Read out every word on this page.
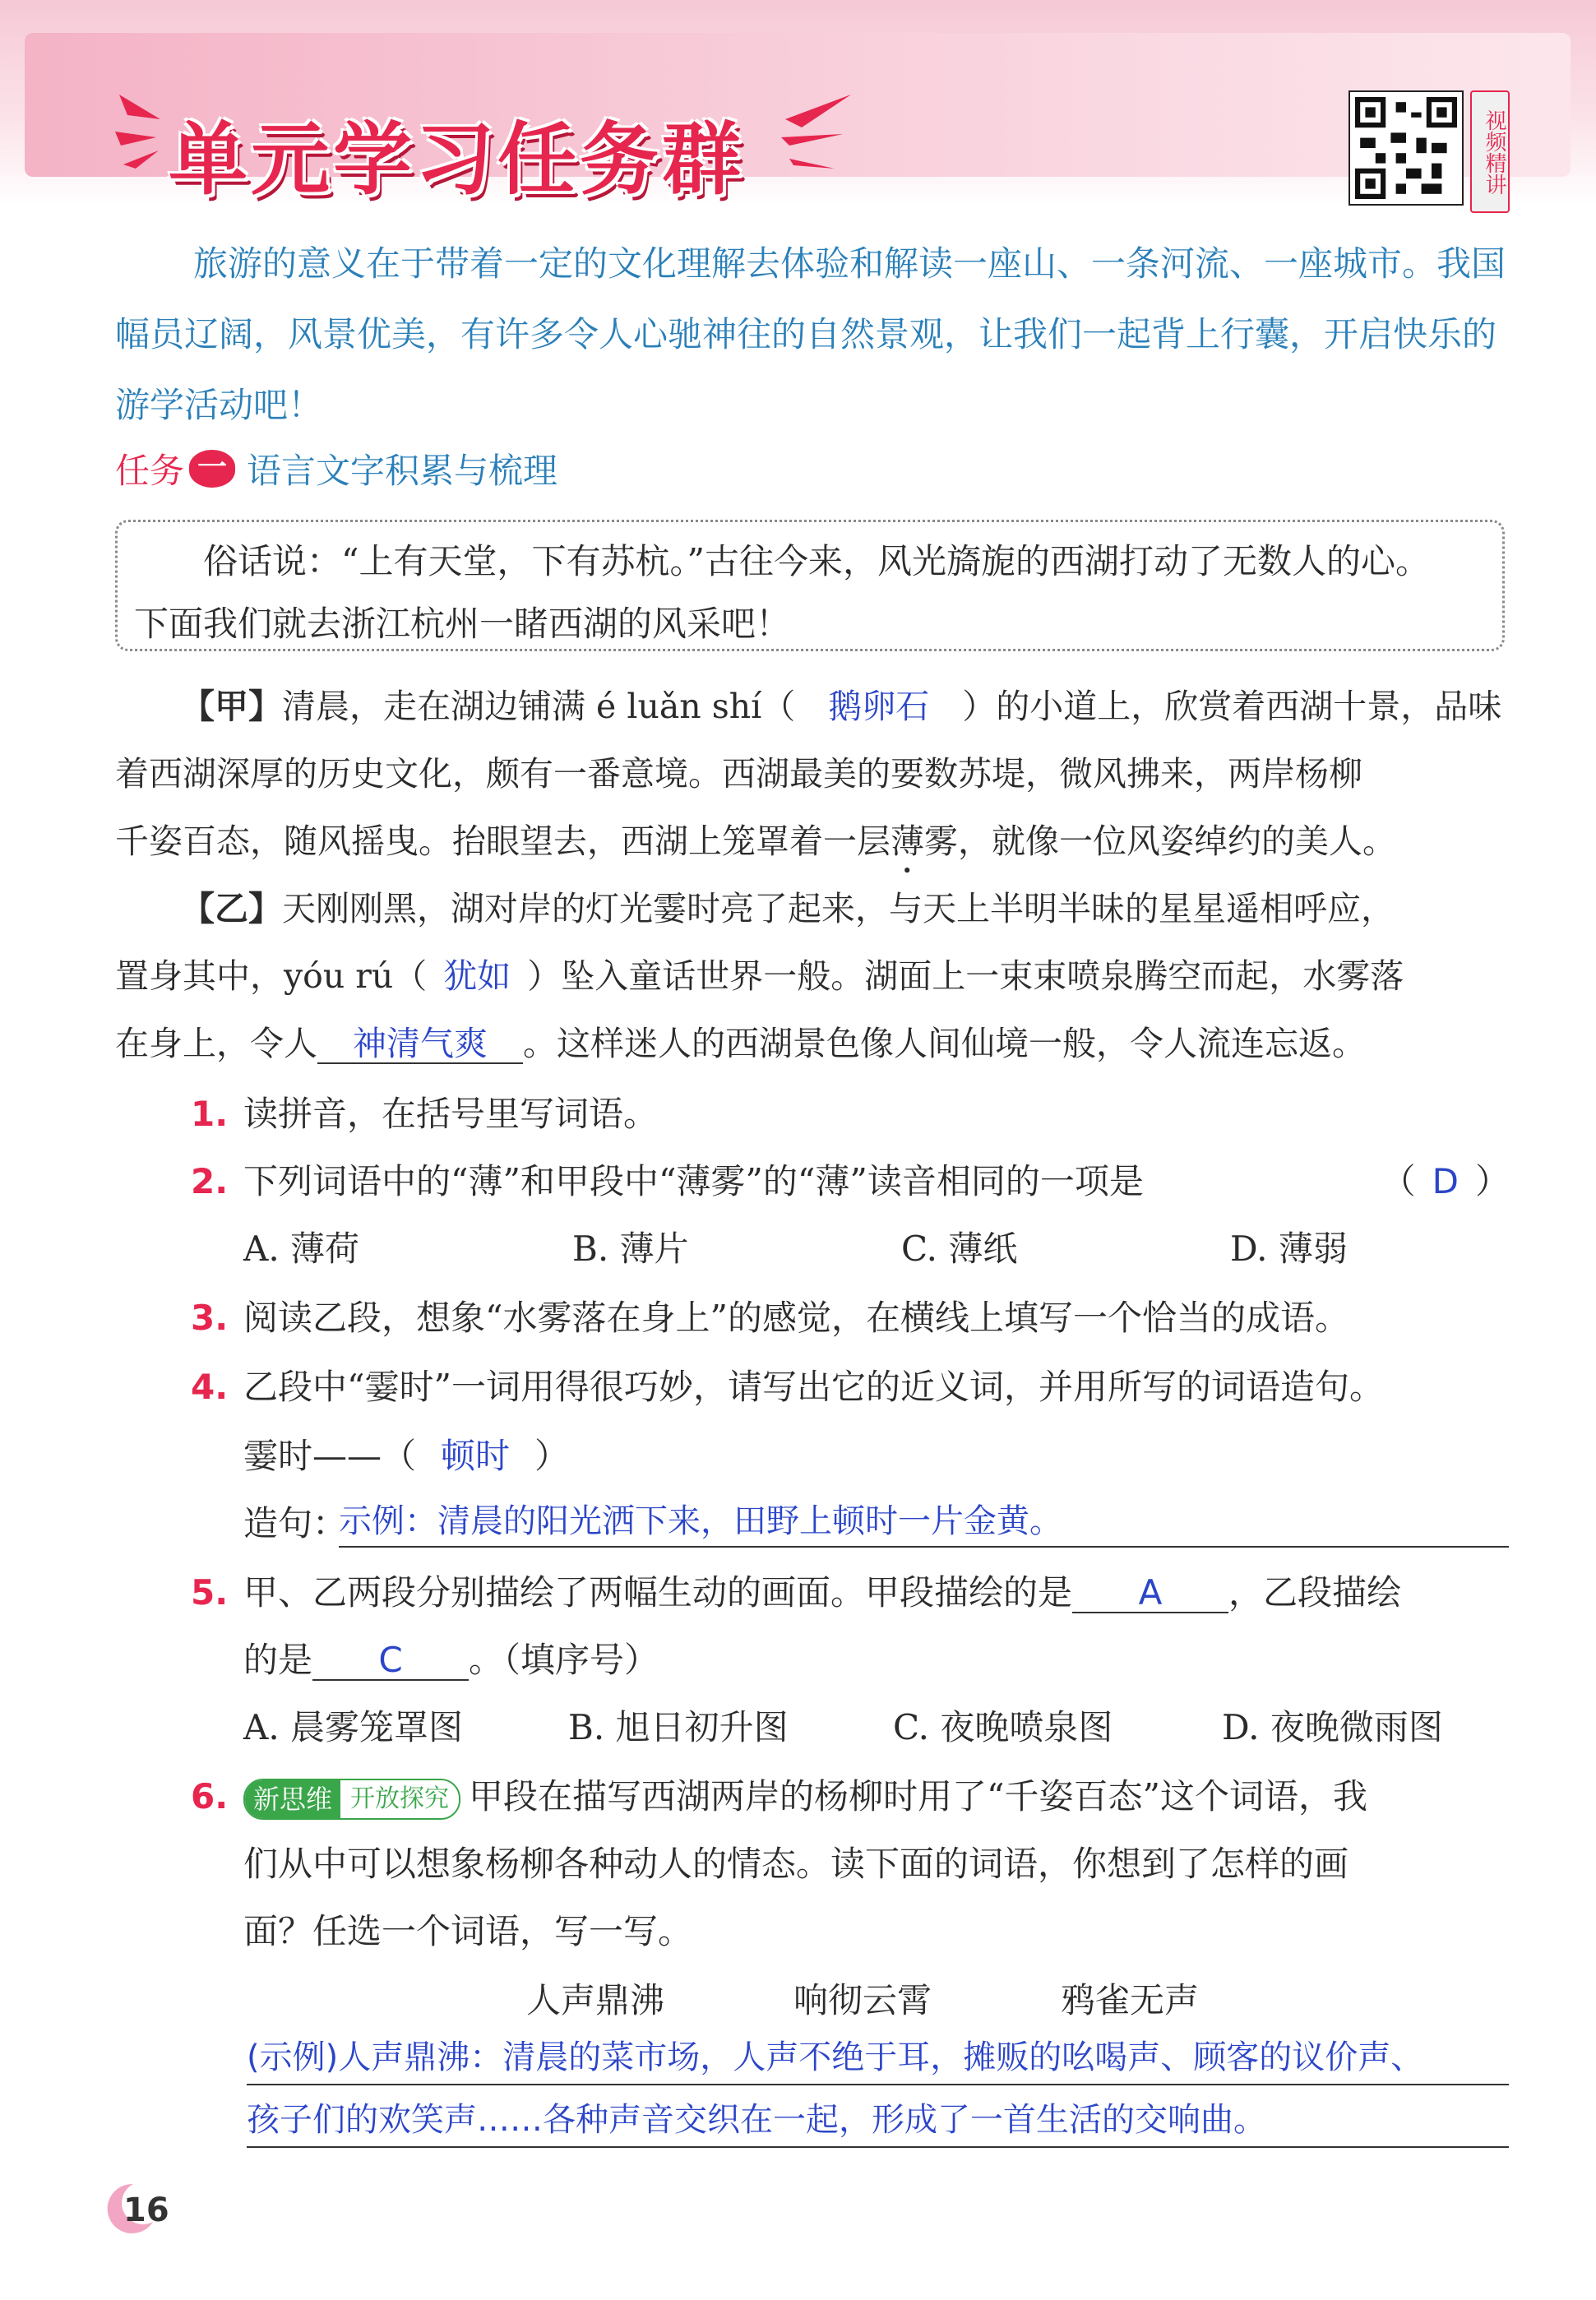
单元学习任务群	视频精讲

旅游的意义在于带着一定的文化理解去体验和解读一座山、一条河流、一座城市。我国幅员辽阔，风景优美，有许多令人心驰神往的自然景观，让我们一起背上行囊，开启快乐的游学活动吧！

任务 一 语言文字积累与梳理

俗话说：“上有天堂，下有苏杭。”古往今来，风光旖旎的西湖打动了无数人的心。

下面我们就去浙江杭州一睹西湖的风采吧！

【甲】清晨，走在湖边铺满 é luǎn shí（ 鹅卵石 ）的小道上，欣赏着西湖十景，品味
着西湖深厚的历史文化，颇有一番意境。西湖最美的要数苏堤，微风拂来，两岸杨柳
千姿百态，随风摇曳。抬眼望去，西湖上笼罩着一层薄雾，就像一位风姿绰约的美人。
【乙】天刚刚黑，湖对岸的灯光霎时亮了起来，与天上半明半昧的星星遥相呼应，
置身其中，yóu rú（ 犹如 ）坠入童话世界一般。湖面上一束束喷泉腾空而起，水雾落
在身上，令人 神清气爽 。这样迷人的西湖景色像人间仙境一般，令人流连忘返。
1. 读拼音，在括号里写词语。
2. 下列词语中的“薄”和甲段中“薄雾”的“薄”读音相同的一项是	（ D ）
A. 薄荷	B. 薄片	C. 薄纸	D. 薄弱
3. 阅读乙段，想象“水雾落在身上”的感觉，在横线上填写一个恰当的成语。
4. 乙段中“霎时”一词用得很巧妙，请写出它的近义词，并用所写的词语造句。
霎时——（ 顿时 ）
造句：
示例：清晨的阳光洒下来，田野上顿时一片金黄。
5. 甲、乙两段分别描绘了两幅生动的画面。甲段描绘的是 A ，乙段描绘
的是 C 。（填序号）
A. 晨雾笼罩图	B. 旭日初升图	C. 夜晚喷泉图	D. 夜晚微雨图
6. 新思维 开放探究 甲段在描写西湖两岸的杨柳时用了“千姿百态”这个词语，我
们从中可以想象杨柳各种动人的情态。读下面的词语，你想到了怎样的画
面？任选一个词语，写一写。
人声鼎沸	响彻云霄	鸦雀无声
(示例)人声鼎沸：清晨的菜市场，人声不绝于耳，摊贩的吆喝声、顾客的议价声、
孩子们的欢笑声……各种声音交织在一起，形成了一首生活的交响曲。
16
